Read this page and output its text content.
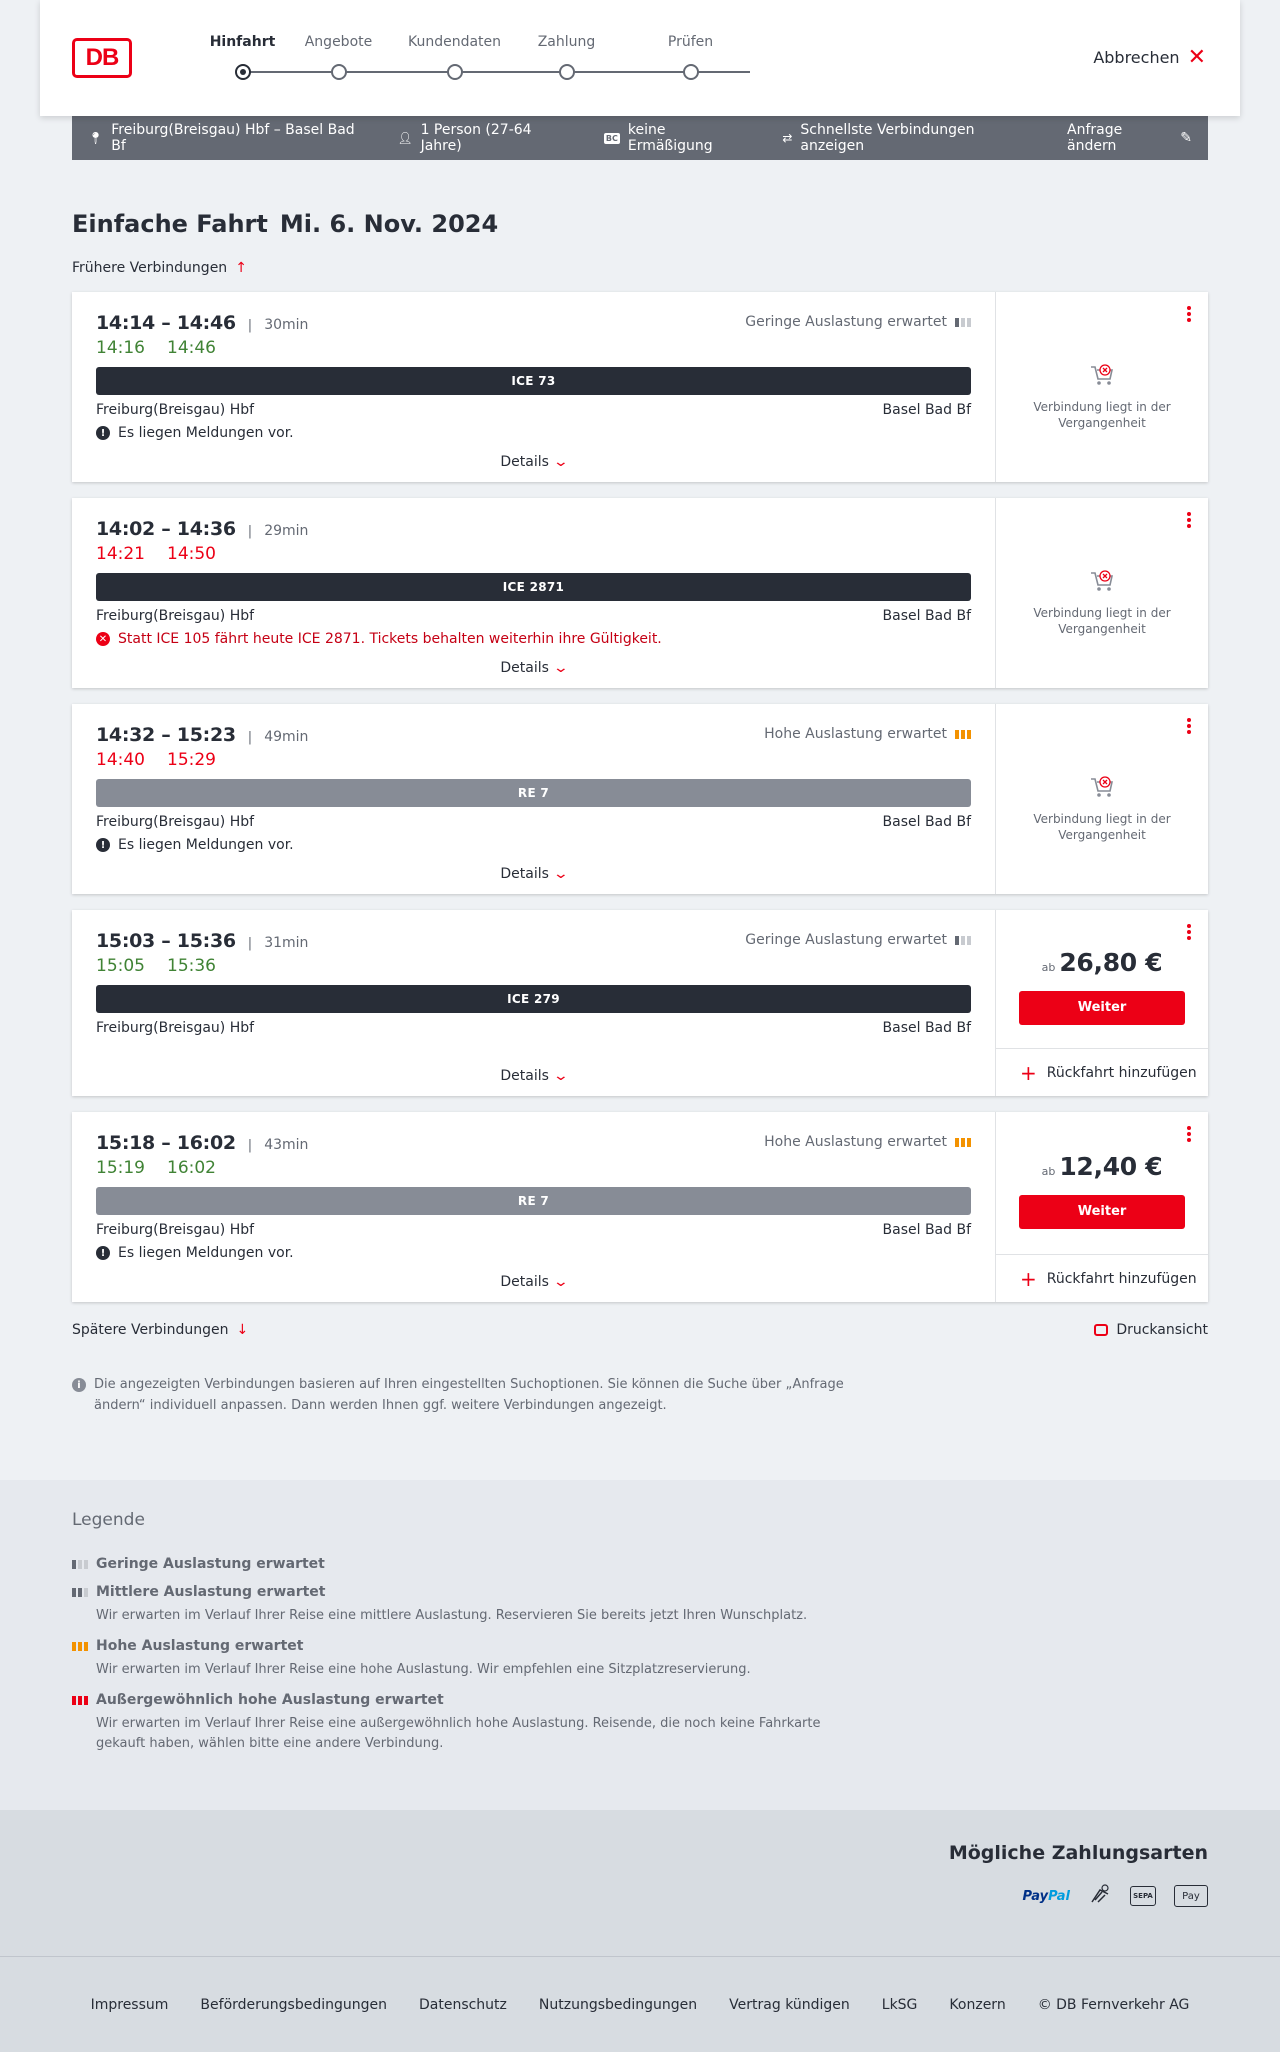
DB
Hinfahrt	Angebote	Kundendaten	Zahlung	Prüfen
Abbrechen ✕
📍︎ Freiburg(Breisgau) Hbf – Basel Bad Bf	👤︎ 1 Person (27-64 Jahre)	BC keine Ermäßigung	⇄ Schnellste Verbindungen anzeigen
Anfrage ändern	✎
Einfache Fahrt Mi. 6. Nov. 2024
Frühere Verbindungen ↑
14:14 – 14:46 | 30min	Geringe Auslastung erwartet
14:16 14:46
ICE 73
Freiburg(Breisgau) Hbf	Basel Bad Bf
! Es liegen Meldungen vor.
Details ⌄
Verbindung liegt in der Vergangenheit
14:02 – 14:36 | 29min
14:21 14:50
ICE 2871
Freiburg(Breisgau) Hbf	Basel Bad Bf
✕ Statt ICE 105 fährt heute ICE 2871. Tickets behalten weiterhin ihre Gültigkeit.
Details ⌄
Verbindung liegt in der Vergangenheit
14:32 – 15:23 | 49min	Hohe Auslastung erwartet
14:40 15:29
RE 7
Freiburg(Breisgau) Hbf	Basel Bad Bf
! Es liegen Meldungen vor.
Details ⌄
Verbindung liegt in der Vergangenheit
15:03 – 15:36 | 31min	Geringe Auslastung erwartet
15:05 15:36
ICE 279
Freiburg(Breisgau) Hbf	Basel Bad Bf
Details ⌄
ab 26,80 €
Weiter
+ Rückfahrt hinzufügen
15:18 – 16:02 | 43min	Hohe Auslastung erwartet
15:19 16:02
RE 7
Freiburg(Breisgau) Hbf	Basel Bad Bf
! Es liegen Meldungen vor.
Details ⌄
ab 12,40 €
Weiter
+ Rückfahrt hinzufügen
Spätere Verbindungen ↓	Druckansicht
i	Die angezeigten Verbindungen basieren auf Ihren eingestellten Suchoptionen. Sie können die Suche über „Anfrage ändern“ individuell anpassen. Dann werden Ihnen ggf. weitere Verbindungen angezeigt.
Legende
Geringe Auslastung erwartet
Mittlere Auslastung erwartet
Wir erwarten im Verlauf Ihrer Reise eine mittlere Auslastung. Reservieren Sie bereits jetzt Ihren Wunschplatz.
Hohe Auslastung erwartet
Wir erwarten im Verlauf Ihrer Reise eine hohe Auslastung. Wir empfehlen eine Sitzplatzreservierung.
Außergewöhnlich hohe Auslastung erwartet
Wir erwarten im Verlauf Ihrer Reise eine außergewöhnlich hohe Auslastung. Reisende, die noch keine Fahrkarte gekauft haben, wählen bitte eine andere Verbindung.
Mögliche Zahlungsarten
PayPal	SEPA	Pay
Impressum Beförderungsbedingungen Datenschutz Nutzungsbedingungen Vertrag kündigen LkSG Konzern © DB Fernverkehr AG
